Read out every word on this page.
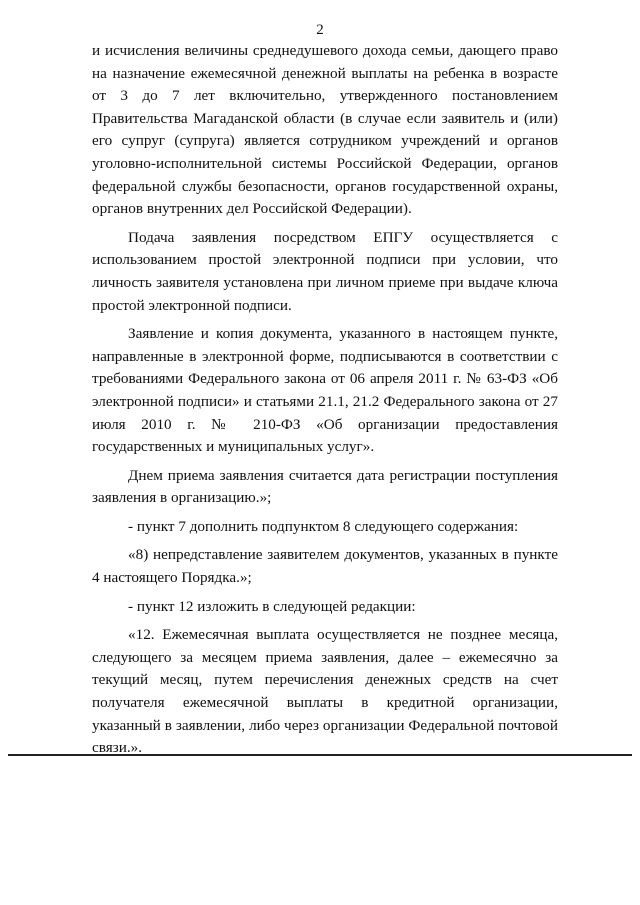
2

и исчисления величины среднедушевого дохода семьи, дающего право на назначение ежемесячной денежной выплаты на ребенка в возрасте от 3 до 7 лет включительно, утвержденного постановлением Правительства Магаданской области (в случае если заявитель и (или) его супруг (супруга) является сотрудником учреждений и органов уголовно-исполнительной системы Российской Федерации, органов федеральной службы безопасности, органов государственной охраны, органов внутренних дел Российской Федерации).

Подача заявления посредством ЕПГУ осуществляется с использованием простой электронной подписи при условии, что личность заявителя установлена при личном приеме при выдаче ключа простой электронной подписи.

Заявление и копия документа, указанного в настоящем пункте, направленные в электронной форме, подписываются в соответствии с требованиями Федерального закона от 06 апреля 2011 г. № 63-ФЗ «Об электронной подписи» и статьями 21.1, 21.2 Федерального закона от 27 июля 2010 г. № 210-ФЗ «Об организации предоставления государственных и муниципальных услуг».

Днем приема заявления считается дата регистрации поступления заявления в организацию.»;

- пункт 7 дополнить подпунктом 8 следующего содержания:

«8) непредставление заявителем документов, указанных в пункте 4 настоящего Порядка.»;

- пункт 12 изложить в следующей редакции:

«12. Ежемесячная выплата осуществляется не позднее месяца, следующего за месяцем приема заявления, далее – ежемесячно за текущий месяц, путем перечисления денежных средств на счет получателя ежемесячной выплаты в кредитной организации, указанный в заявлении, либо через организации Федеральной почтовой связи.».
